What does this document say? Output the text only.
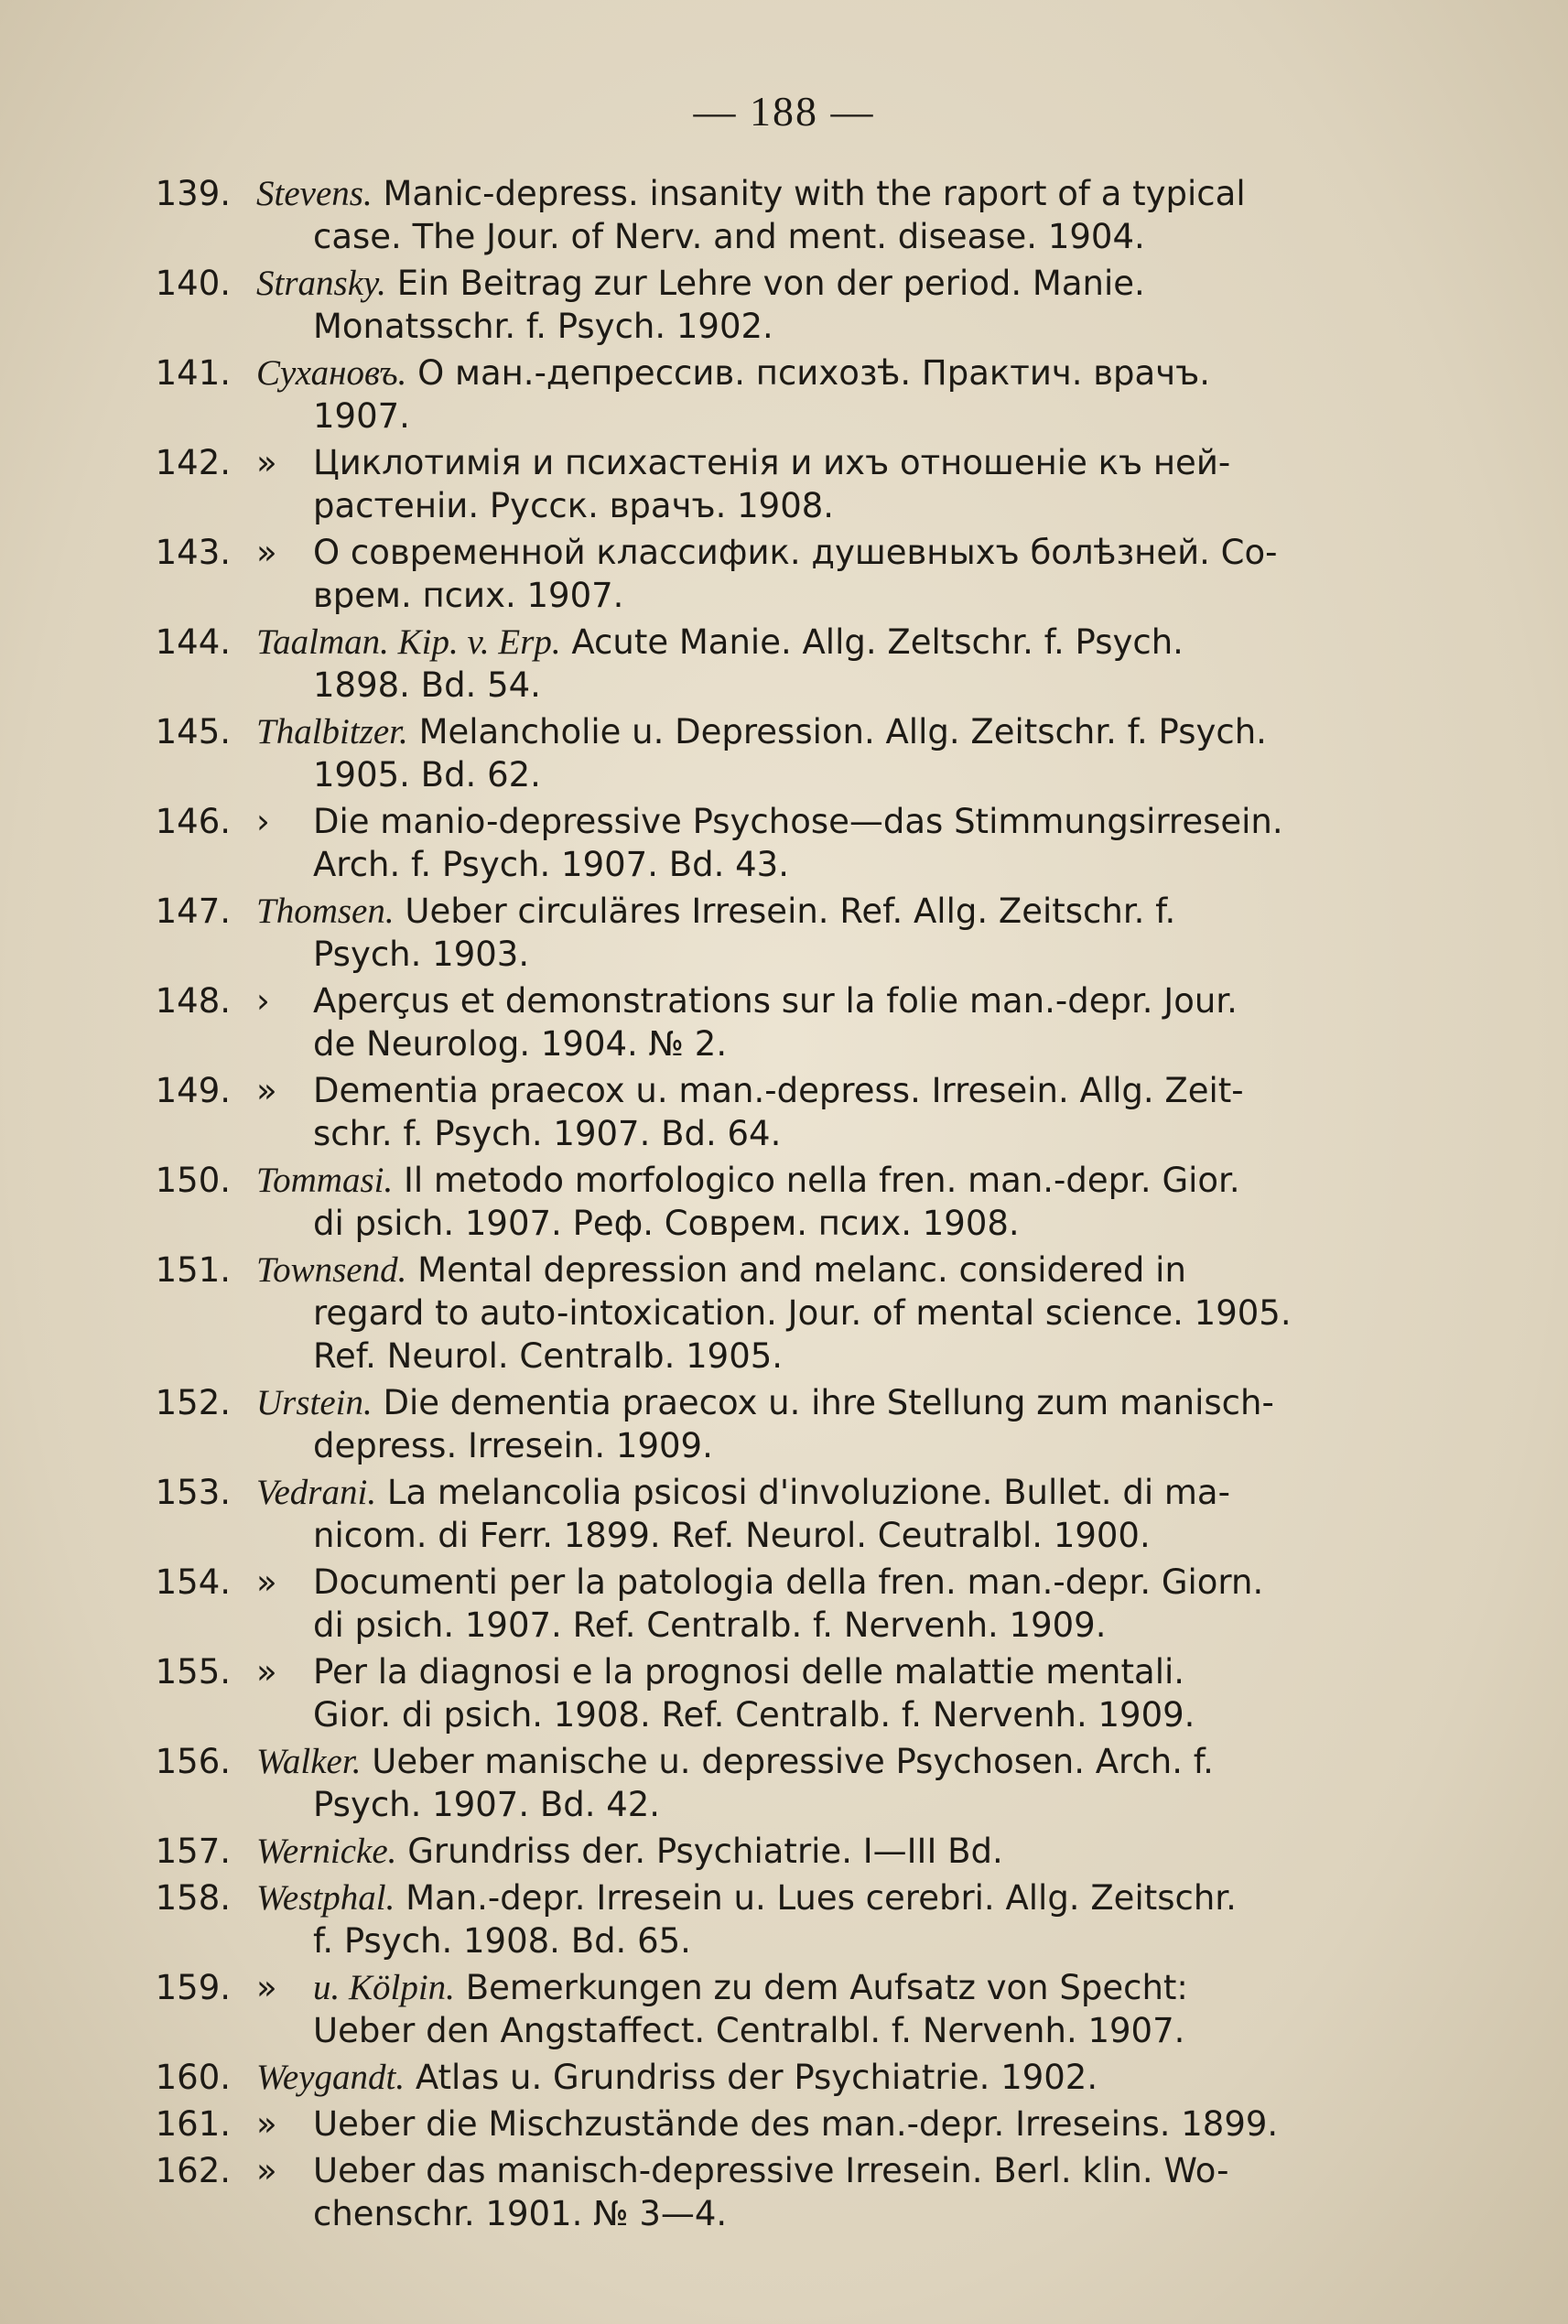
— 188 —
139. Stevens. Manic-depress. insanity with the raport of a typical
case. The Jour. of Nerv. and ment. disease. 1904.
140. Stransky. Ein Beitrag zur Lehre von der period. Manie.
Monatsschr. f. Psych. 1902.
141. Сухановъ. О ман.-депрессив. психозѣ. Практич. врачъ.
1907.
142. » Циклотимія и психастенія и ихъ отношеніе къ ней-
растеніи. Русск. врачъ. 1908.
143. » О современной классифик. душевныхъ болѣзней. Со-
врем. псих. 1907.
144. Taalman. Kip. v. Erp. Acute Manie. Allg. Zeltschr. f. Psych.
1898. Bd. 54.
145. Thalbitzer. Melancholie u. Depression. Allg. Zeitschr. f. Psych.
1905. Bd. 62.
146. › Die manio-depressive Psychose—das Stimmungsirresein.
Arch. f. Psych. 1907. Bd. 43.
147. Thomsen. Ueber circuläres Irresein. Ref. Allg. Zeitschr. f.
Psych. 1903.
148. › Aperçus et demonstrations sur la folie man.-depr. Jour.
de Neurolog. 1904. № 2.
149. » Dementia praecox u. man.-depress. Irresein. Allg. Zeit-
schr. f. Psych. 1907. Bd. 64.
150. Tommasi. Il metodo morfologico nella fren. man.-depr. Gior.
di psich. 1907. Реф. Соврем. псих. 1908.
151. Townsend. Mental depression and melanc. considered in
regard to auto-intoxication. Jour. of mental science. 1905.
Ref. Neurol. Centralb. 1905.
152. Urstein. Die dementia praecox u. ihre Stellung zum manisch-
depress. Irresein. 1909.
153. Vedrani. La melancolia psicosi d'involuzione. Bullet. di ma-
nicom. di Ferr. 1899. Ref. Neurol. Ceutralbl. 1900.
154. » Documenti per la patologia della fren. man.-depr. Giorn.
di psich. 1907. Ref. Centralb. f. Nervenh. 1909.
155. » Per la diagnosi e la prognosi delle malattie mentali.
Gior. di psich. 1908. Ref. Centralb. f. Nervenh. 1909.
156. Walker. Ueber manische u. depressive Psychosen. Arch. f.
Psych. 1907. Bd. 42.
157. Wernicke. Grundriss der. Psychiatrie. I—III Bd.
158. Westphal. Man.-depr. Irresein u. Lues cerebri. Allg. Zeitschr.
f. Psych. 1908. Bd. 65.
159. » u. Kölpin. Bemerkungen zu dem Aufsatz von Specht:
Ueber den Angstaffect. Centralbl. f. Nervenh. 1907.
160. Weygandt. Atlas u. Grundriss der Psychiatrie. 1902.
161. » Ueber die Mischzustände des man.-depr. Irreseins. 1899.
162. » Ueber das manisch-depressive Irresein. Berl. klin. Wo-
chenschr. 1901. № 3—4.
